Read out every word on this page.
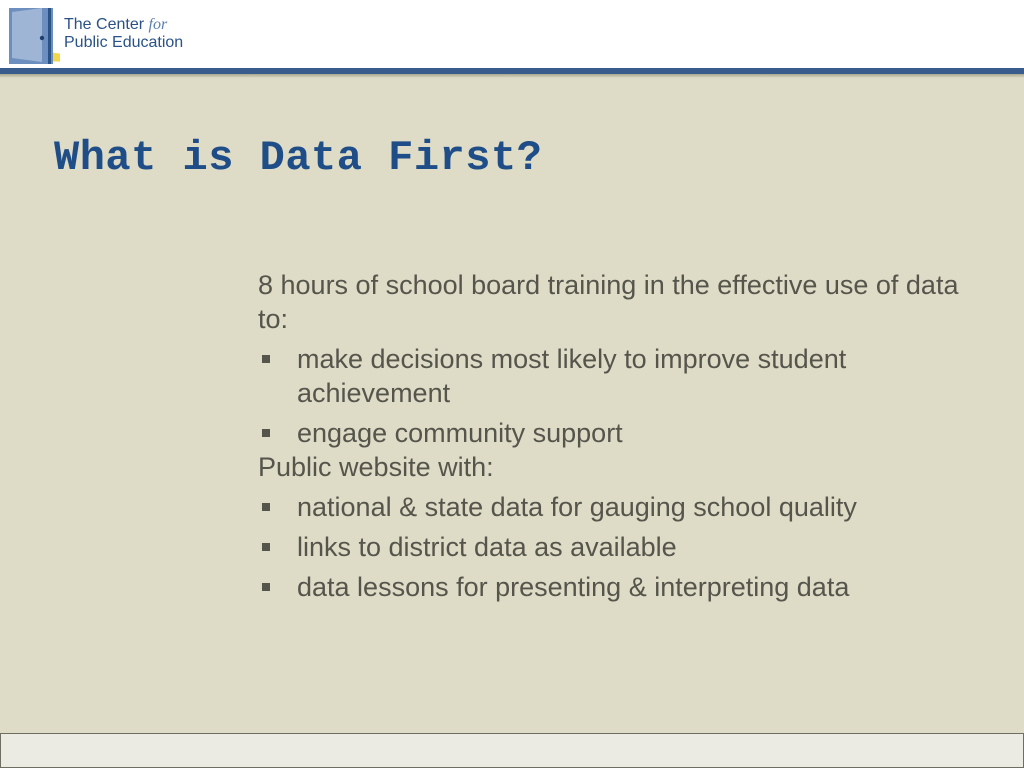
The Center for
Public Education
What is Data First?

8 hours of school board training in the effective use of data to:

make decisions most likely to improve student achievement
engage community support

Public website with:

national & state data for gauging school quality
links to district data as available
data lessons for presenting & interpreting data
